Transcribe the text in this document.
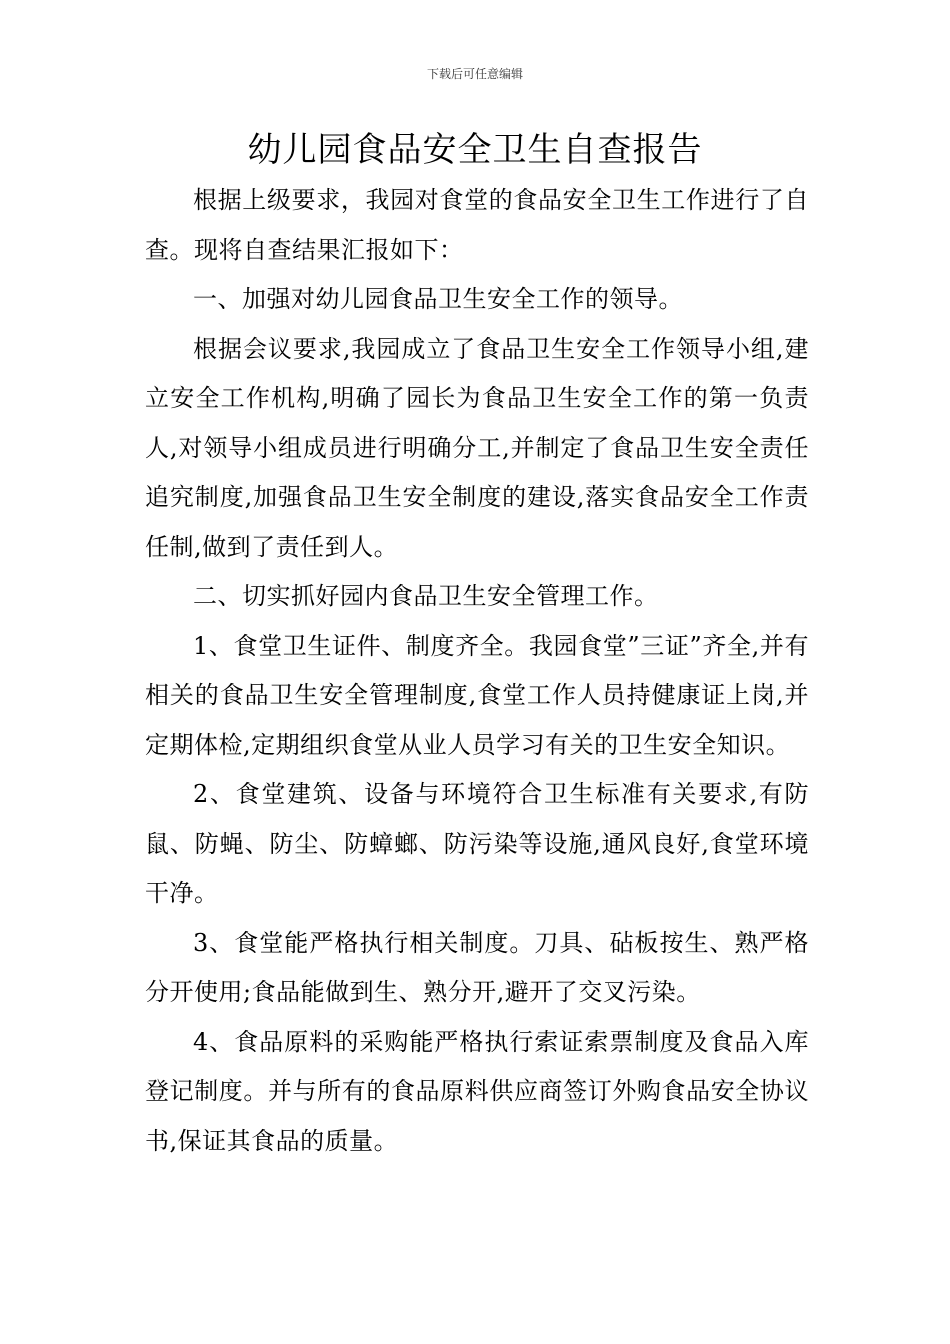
下载后可任意编辑
幼儿园食品安全卫生自查报告

根据上级要求，我园对食堂的食品安全卫生工作进行了自查。现将自查结果汇报如下：

一、加强对幼儿园食品卫生安全工作的领导。

根据会议要求,我园成立了食品卫生安全工作领导小组,建立安全工作机构,明确了园长为食品卫生安全工作的第一负责人,对领导小组成员进行明确分工,并制定了食品卫生安全责任追究制度,加强食品卫生安全制度的建设,落实食品安全工作责任制,做到了责任到人。

二、切实抓好园内食品卫生安全管理工作。

1、食堂卫生证件、制度齐全。我园食堂”三证”齐全,并有相关的食品卫生安全管理制度,食堂工作人员持健康证上岗,并定期体检,定期组织食堂从业人员学习有关的卫生安全知识。

2、食堂建筑、设备与环境符合卫生标准有关要求,有防鼠、防蝇、防尘、防蟑螂、防污染等设施,通风良好,食堂环境干净。

3、食堂能严格执行相关制度。刀具、砧板按生、熟严格分开使用;食品能做到生、熟分开,避开了交叉污染。

4、食品原料的采购能严格执行索证索票制度及食品入库登记制度。并与所有的食品原料供应商签订外购食品安全协议书,保证其食品的质量。
